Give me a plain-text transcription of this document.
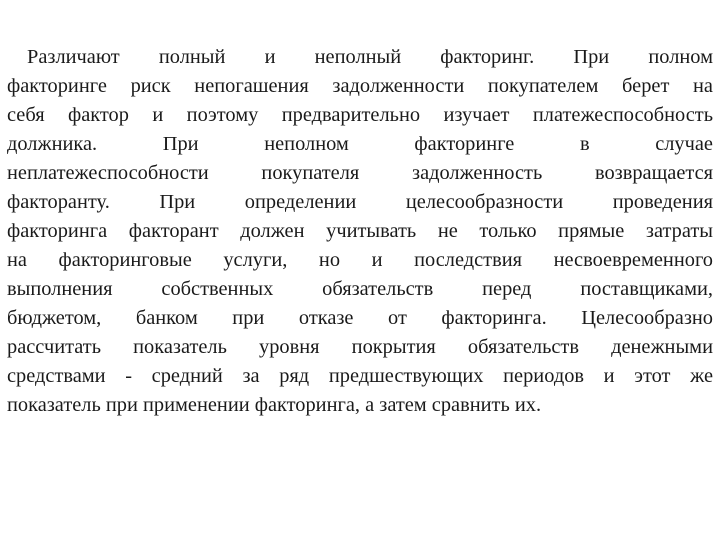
Различают полный и неполный факторинг. При полном
факторинге риск непогашения задолженности покупателем берет на
себя фактор и поэтому предварительно изучает платежеспособность
должника. При неполном факторинге в случае
неплатежеспособности покупателя задолженность возвращается
факторанту. При определении целесообразности проведения
факторинга факторант должен учитывать не только прямые затраты
на факторинговые услуги, но и последствия несвоевременного
выполнения собственных обязательств перед поставщиками,
бюджетом, банком при отказе от факторинга. Целесообразно
рассчитать показатель уровня покрытия обязательств денежными
средствами - средний за ряд предшествующих периодов и этот же
показатель при применении факторинга, а затем сравнить их.
